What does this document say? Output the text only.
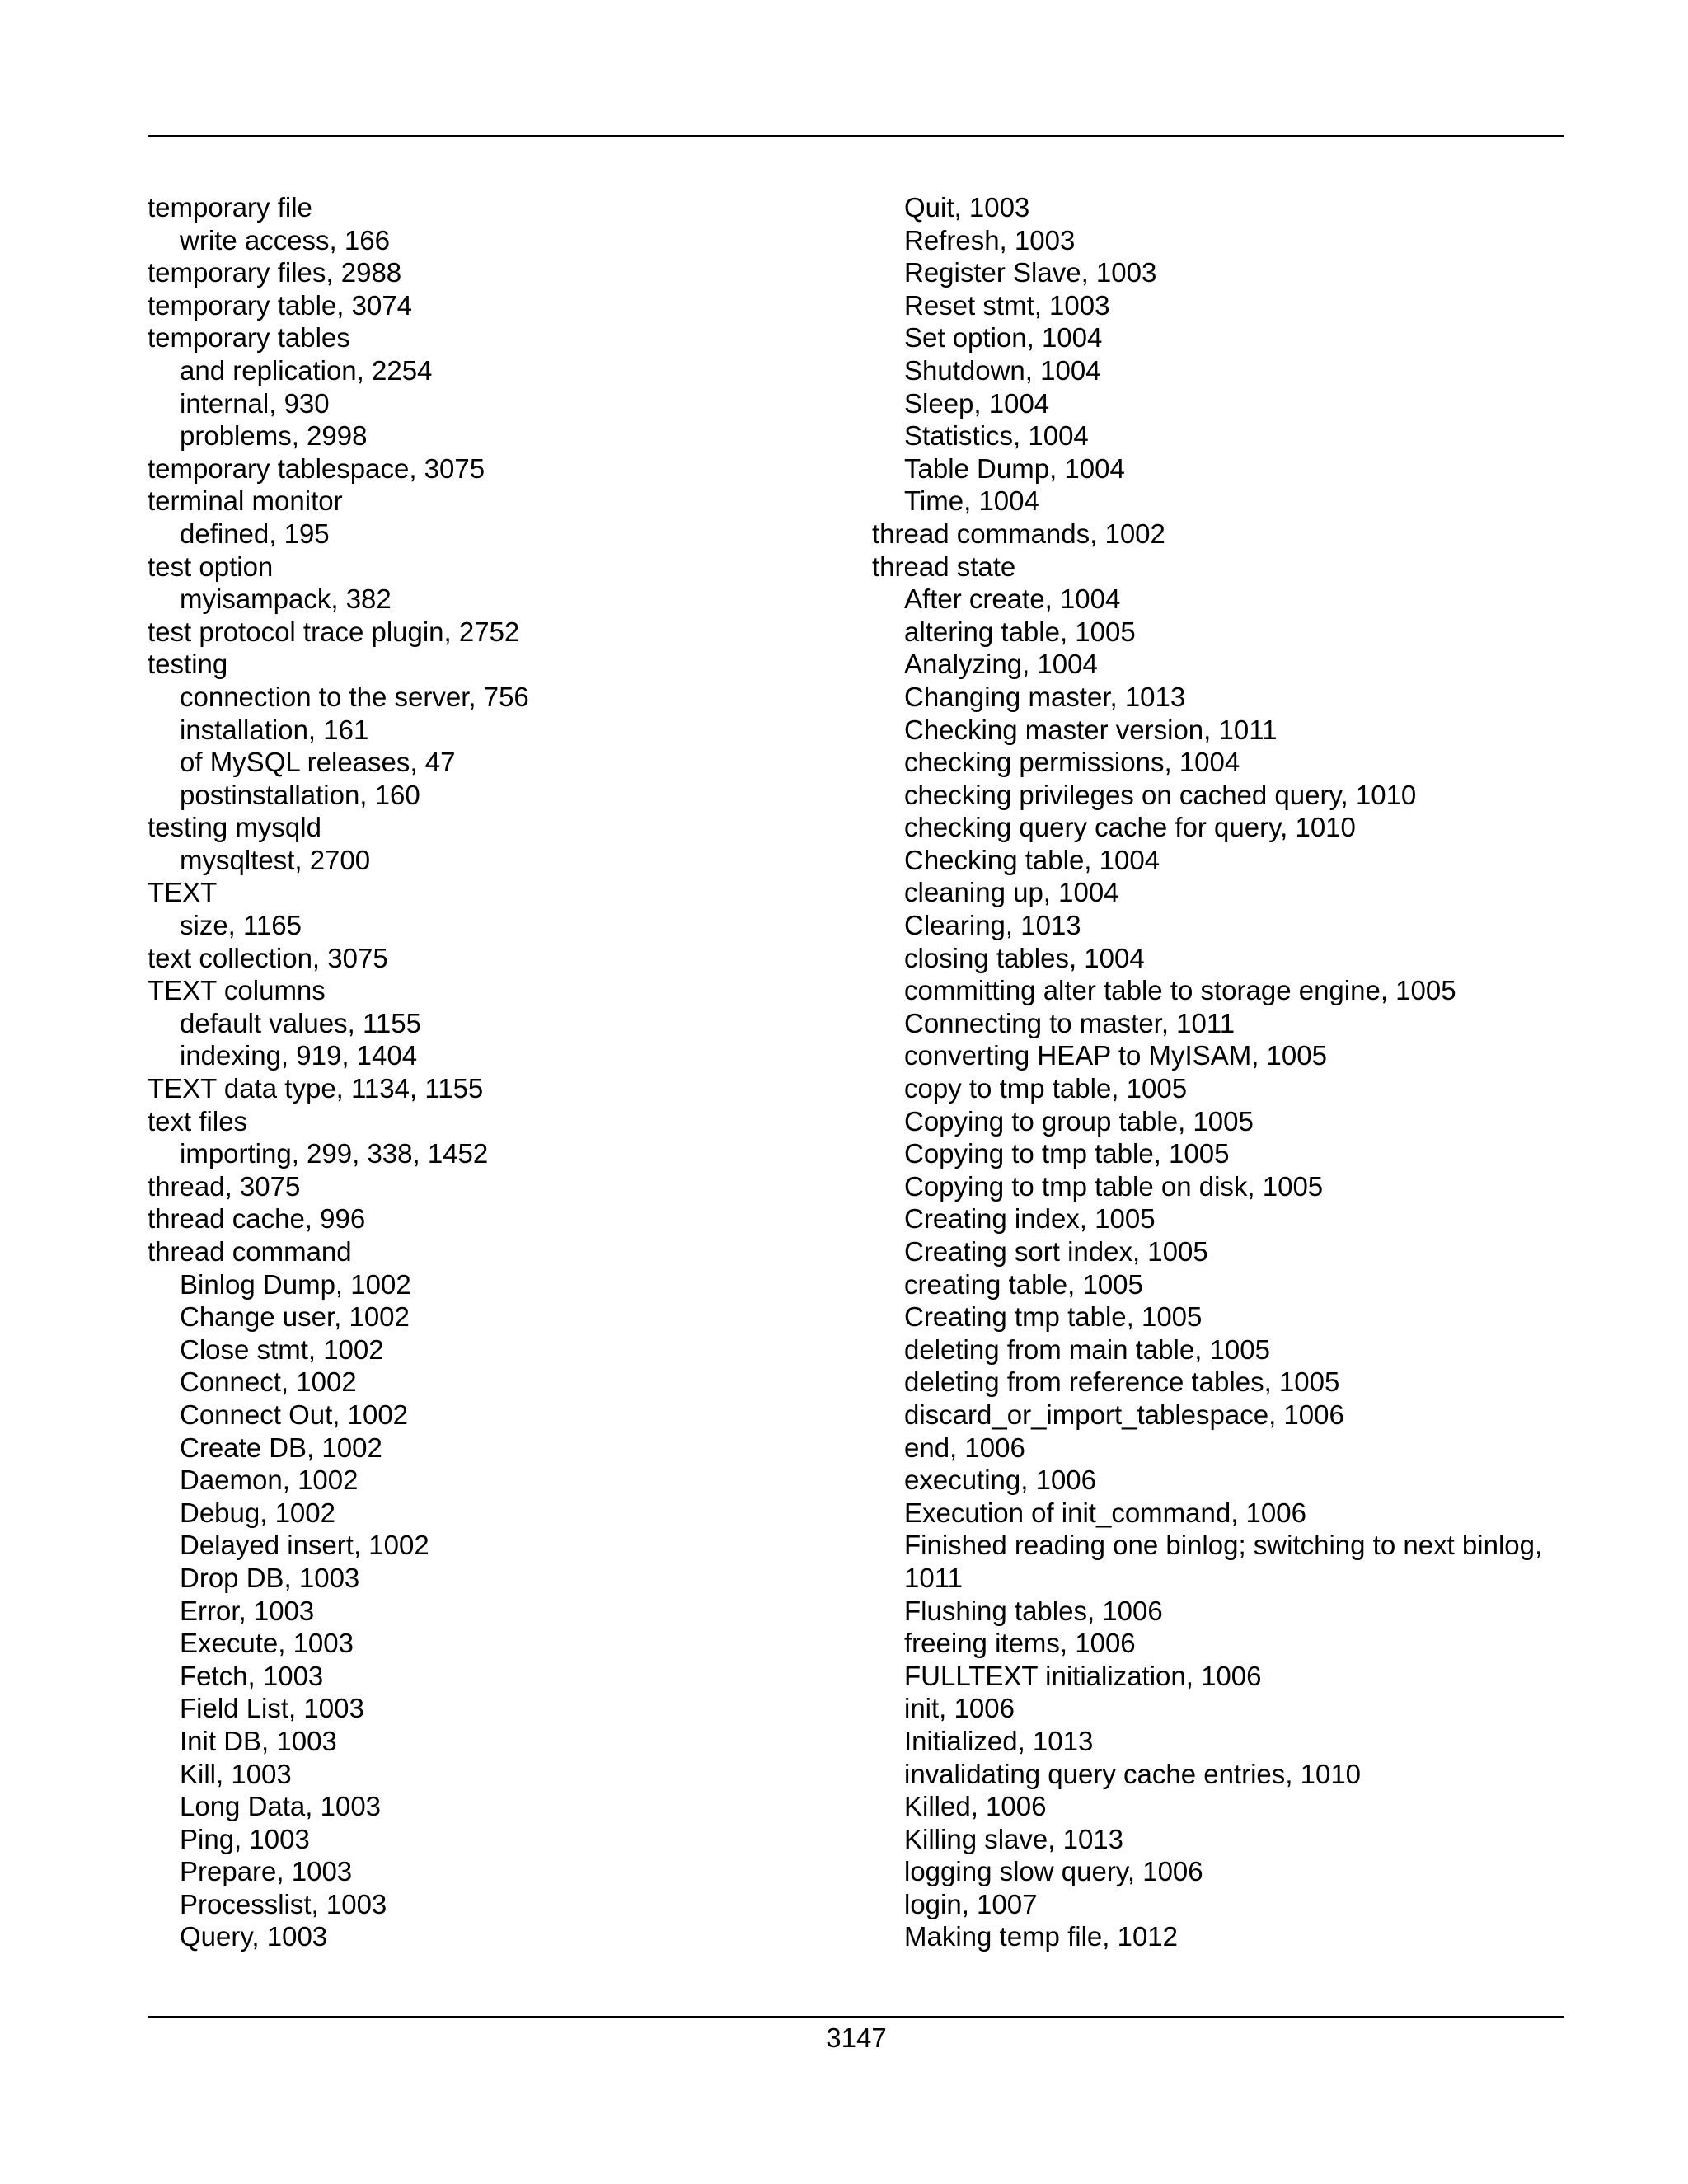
temporary file
write access, 166
temporary files, 2988
temporary table, 3074
temporary tables
and replication, 2254
internal, 930
problems, 2998
temporary tablespace, 3075
terminal monitor
defined, 195
test option
myisampack, 382
test protocol trace plugin, 2752
testing
connection to the server, 756
installation, 161
of MySQL releases, 47
postinstallation, 160
testing mysqld
mysqltest, 2700
TEXT
size, 1165
text collection, 3075
TEXT columns
default values, 1155
indexing, 919, 1404
TEXT data type, 1134, 1155
text files
importing, 299, 338, 1452
thread, 3075
thread cache, 996
thread command
Binlog Dump, 1002
Change user, 1002
Close stmt, 1002
Connect, 1002
Connect Out, 1002
Create DB, 1002
Daemon, 1002
Debug, 1002
Delayed insert, 1002
Drop DB, 1003
Error, 1003
Execute, 1003
Fetch, 1003
Field List, 1003
Init DB, 1003
Kill, 1003
Long Data, 1003
Ping, 1003
Prepare, 1003
Processlist, 1003
Query, 1003
Quit, 1003
Refresh, 1003
Register Slave, 1003
Reset stmt, 1003
Set option, 1004
Shutdown, 1004
Sleep, 1004
Statistics, 1004
Table Dump, 1004
Time, 1004
thread commands, 1002
thread state
After create, 1004
altering table, 1005
Analyzing, 1004
Changing master, 1013
Checking master version, 1011
checking permissions, 1004
checking privileges on cached query, 1010
checking query cache for query, 1010
Checking table, 1004
cleaning up, 1004
Clearing, 1013
closing tables, 1004
committing alter table to storage engine, 1005
Connecting to master, 1011
converting HEAP to MyISAM, 1005
copy to tmp table, 1005
Copying to group table, 1005
Copying to tmp table, 1005
Copying to tmp table on disk, 1005
Creating index, 1005
Creating sort index, 1005
creating table, 1005
Creating tmp table, 1005
deleting from main table, 1005
deleting from reference tables, 1005
discard_or_import_tablespace, 1006
end, 1006
executing, 1006
Execution of init_command, 1006
Finished reading one binlog; switching to next binlog,
1011
Flushing tables, 1006
freeing items, 1006
FULLTEXT initialization, 1006
init, 1006
Initialized, 1013
invalidating query cache entries, 1010
Killed, 1006
Killing slave, 1013
logging slow query, 1006
login, 1007
Making temp file, 1012
3147
